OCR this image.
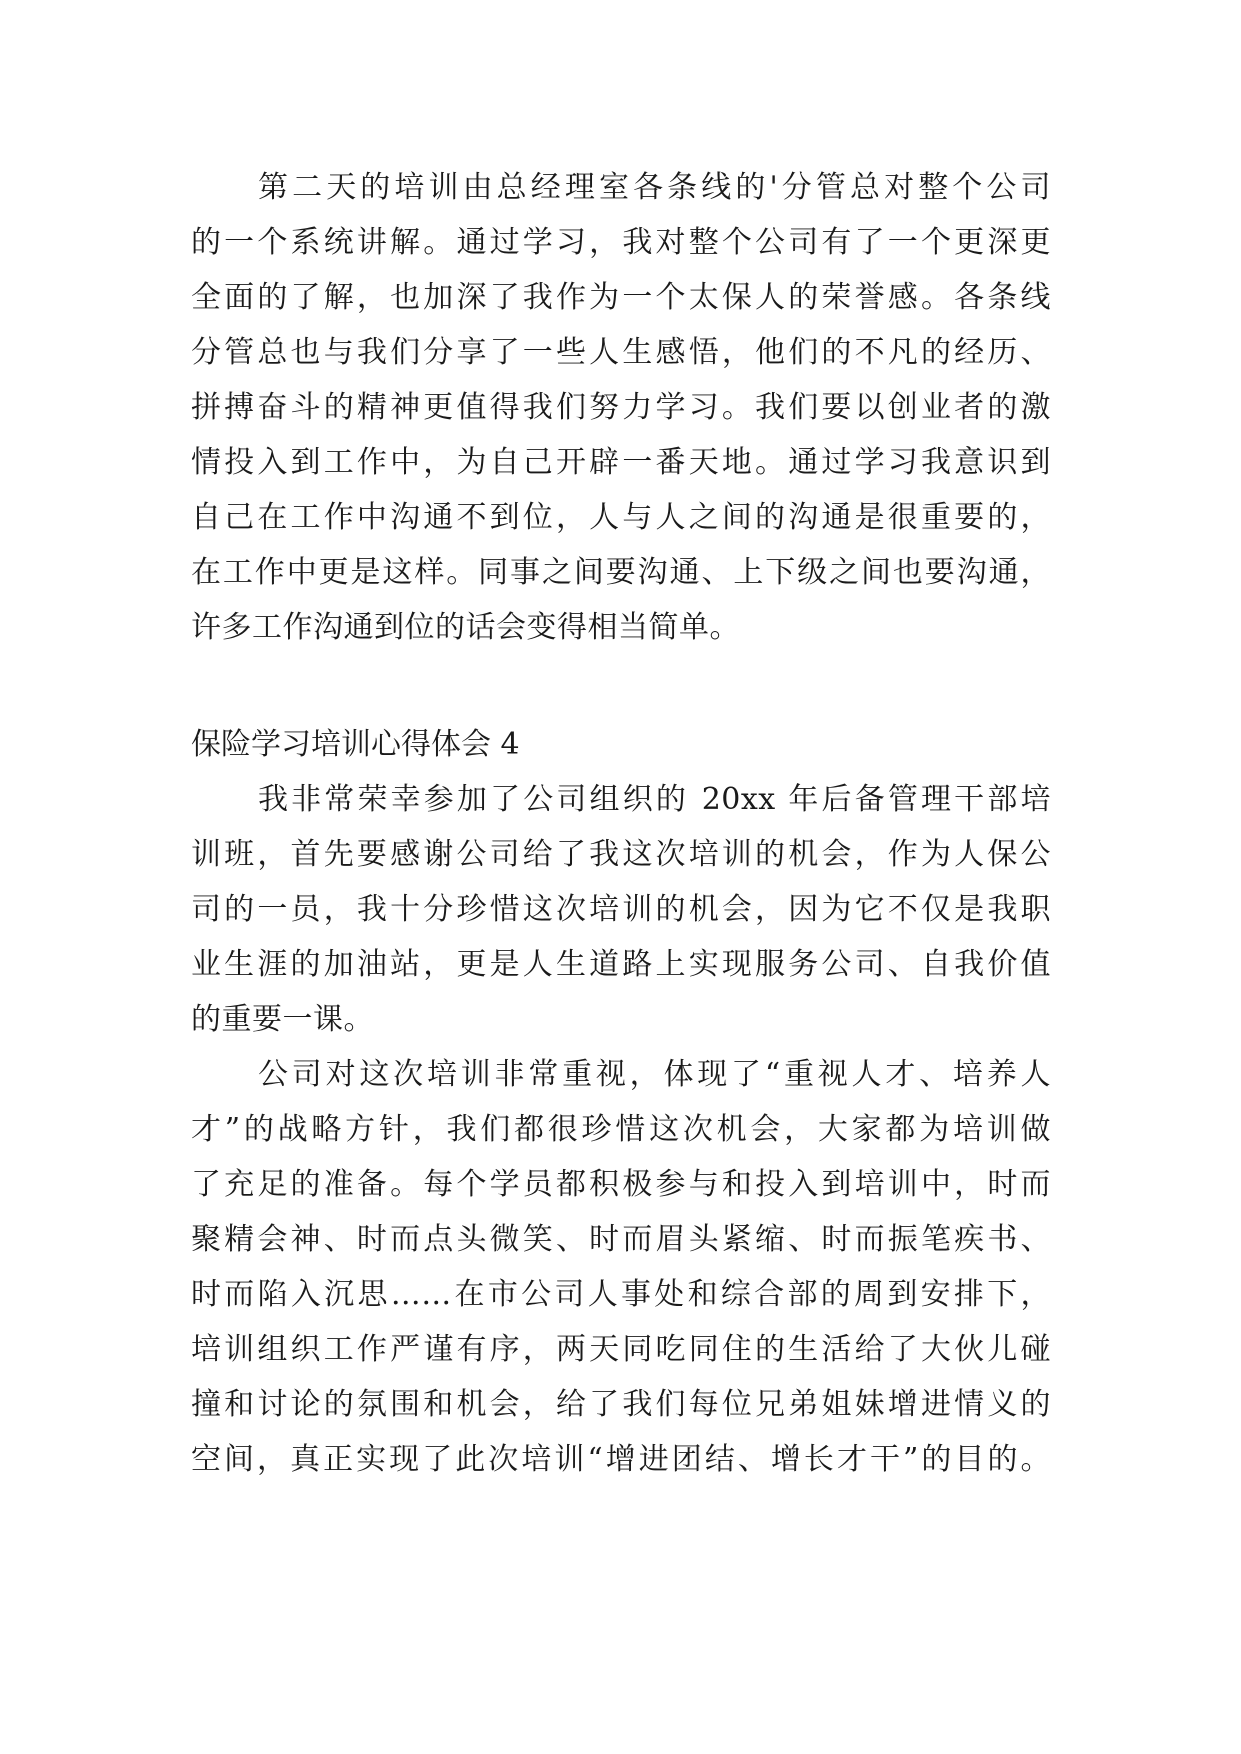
第二天的培训由总经理室各条线的'分管总对整个公司
的一个系统讲解。通过学习，我对整个公司有了一个更深更
全面的了解，也加深了我作为一个太保人的荣誉感。各条线
分管总也与我们分享了一些人生感悟，他们的不凡的经历、
拼搏奋斗的精神更值得我们努力学习。我们要以创业者的激
情投入到工作中，为自己开辟一番天地。通过学习我意识到
自己在工作中沟通不到位，人与人之间的沟通是很重要的，
在工作中更是这样。同事之间要沟通、上下级之间也要沟通，
许多工作沟通到位的话会变得相当简单。
保险学习培训心得体会 4
我非常荣幸参加了公司组织的 20xx 年后备管理干部培
训班，首先要感谢公司给了我这次培训的机会，作为人保公
司的一员，我十分珍惜这次培训的机会，因为它不仅是我职
业生涯的加油站，更是人生道路上实现服务公司、自我价值
的重要一课。
公司对这次培训非常重视，体现了“重视人才、培养人
才”的战略方针，我们都很珍惜这次机会，大家都为培训做
了充足的准备。每个学员都积极参与和投入到培训中，时而
聚精会神、时而点头微笑、时而眉头紧缩、时而振笔疾书、
时而陷入沉思……在市公司人事处和综合部的周到安排下，
培训组织工作严谨有序，两天同吃同住的生活给了大伙儿碰
撞和讨论的氛围和机会，给了我们每位兄弟姐妹增进情义的
空间，真正实现了此次培训“增进团结、增长才干”的目的。
